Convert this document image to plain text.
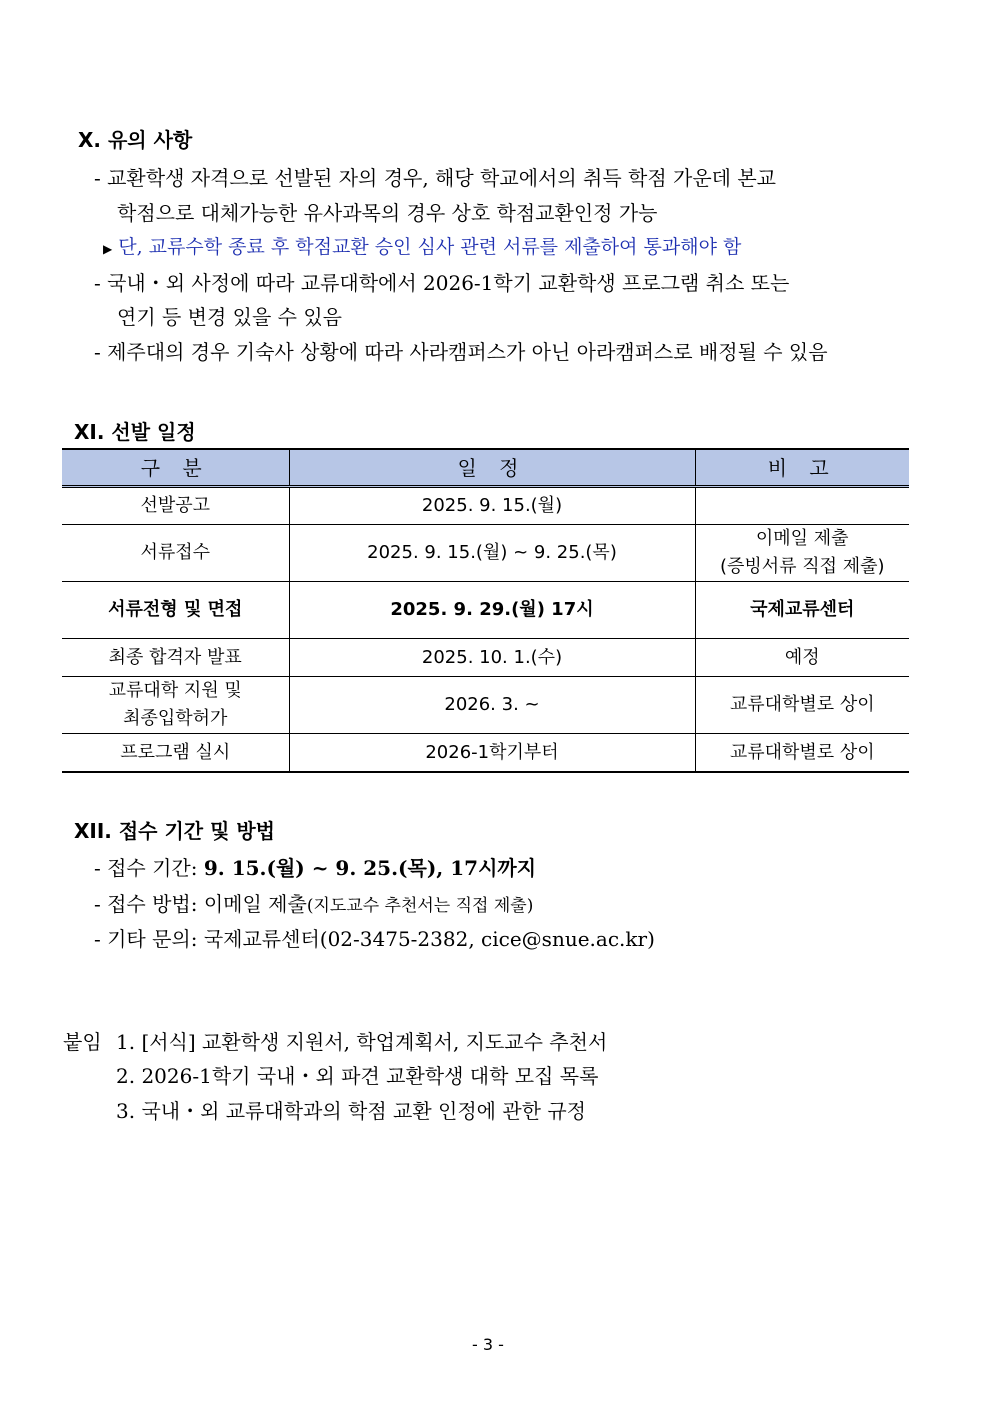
Ⅹ. 유의 사항
- 교환학생 자격으로 선발된 자의 경우, 해당 학교에서의 취득 학점 가운데 본교
학점으로 대체가능한 유사과목의 경우 상호 학점교환인정 가능
▶ 단, 교류수학 종료 후 학점교환 승인 심사 관련 서류를 제출하여 통과해야 함
- 국내・외 사정에 따라 교류대학에서 2026-1학기 교환학생 프로그램 취소 또는
연기 등 변경 있을 수 있음
- 제주대의 경우 기숙사 상황에 따라 사라캠퍼스가 아닌 아라캠퍼스로 배정될 수 있음
XI. 선발 일정
구 분	일 정	비 고
선발공고	2025. 9. 15.(월)	
서류접수	2025. 9. 15.(월) ~ 9. 25.(목)	이메일 제출
(증빙서류 직접 제출)

서류전형 및 면접	2025. 9. 29.(월) 17시	국제교류센터
최종 합격자 발표	2025. 10. 1.(수)	예정

교류대학 지원 및
최종입학허가	2026. 3. ~	교류대학별로 상이
프로그램 실시	2026-1학기부터	교류대학별로 상이
XII. 접수 기간 및 방법
- 접수 기간: 9. 15.(월) ~ 9. 25.(목), 17시까지
- 접수 방법: 이메일 제출(지도교수 추천서는 직접 제출)
- 기타 문의: 국제교류센터(02-3475-2382, cice@snue.ac.kr)
붙임 1. [서식] 교환학생 지원서, 학업계획서, 지도교수 추천서
2. 2026-1학기 국내・외 파견 교환학생 대학 모집 목록
3. 국내・외 교류대학과의 학점 교환 인정에 관한 규정
- 3 -
